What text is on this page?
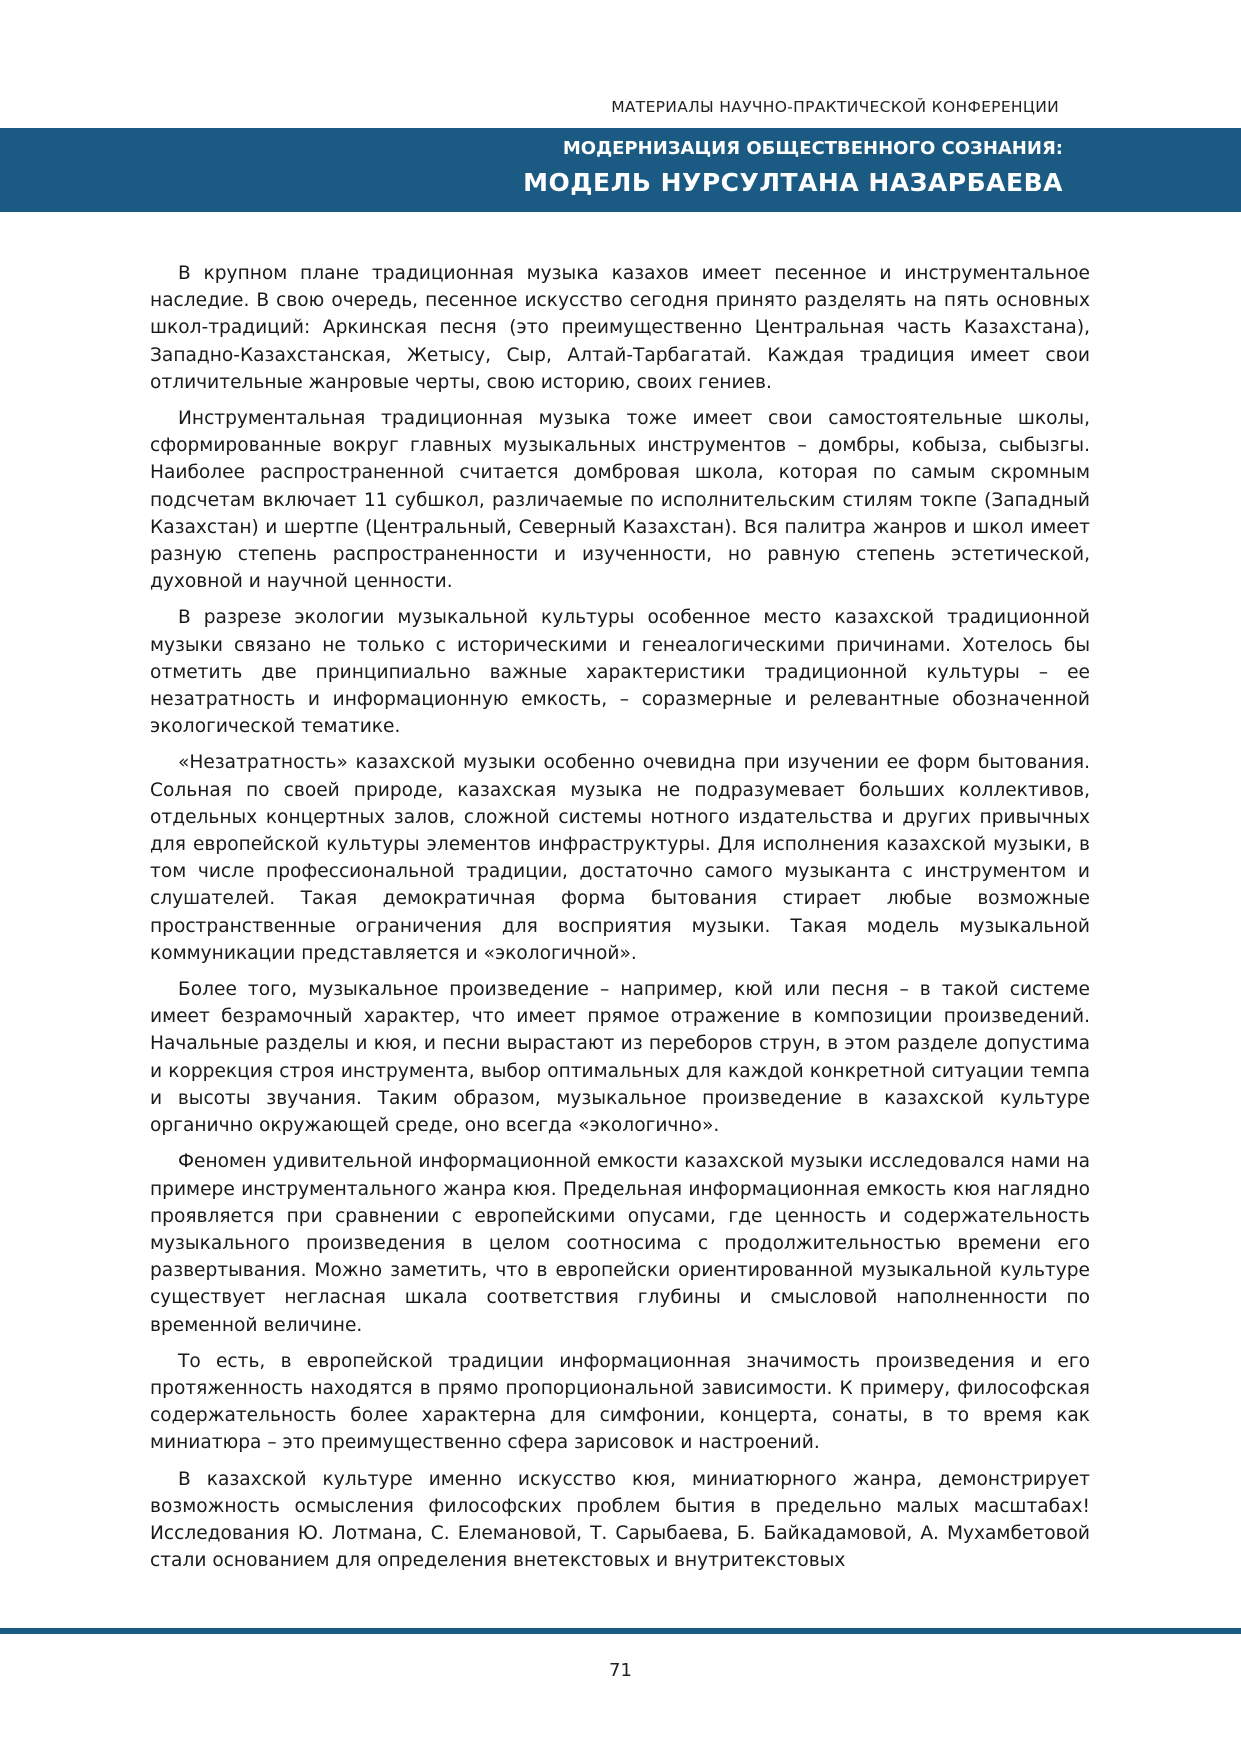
МАТЕРИАЛЫ НАУЧНО-ПРАКТИЧЕСКОЙ КОНФЕРЕНЦИИ
МОДЕРНИЗАЦИЯ ОБЩЕСТВЕННОГО СОЗНАНИЯ:
МОДЕЛЬ НУРСУЛТАНА НАЗАРБАЕВА

В крупном плане традиционная музыка казахов имеет песенное и инструментальное наследие. В свою очередь, песенное искусство сегодня принято разделять на пять основных школ-традиций: Аркинская песня (это преимущественно Центральная часть Казахстана), Западно-Казахстанская, Жетысу, Сыр, Алтай-Тарбагатай. Каждая традиция имеет свои отличительные жанровые черты, свою историю, своих гениев.

Инструментальная традиционная музыка тоже имеет свои самостоятельные школы, сформированные вокруг главных музыкальных инструментов – домбры, кобыза, сыбызгы. Наиболее распространенной считается домбровая школа, которая по самым скромным подсчетам включает 11 субшкол, различаемые по исполнительским стилям токпе (Западный Казахстан) и шертпе (Центральный, Северный Казахстан). Вся палитра жанров и школ имеет разную степень распространенности и изученности, но равную степень эстетической, духовной и научной ценности.

В разрезе экологии музыкальной культуры особенное место казахской традиционной музыки связано не только с историческими и генеалогическими причинами. Хотелось бы отметить две принципиально важные характеристики традиционной культуры – ее незатратность и информационную емкость, – соразмерные и релевантные обозначенной экологической тематике.

«Незатратность» казахской музыки особенно очевидна при изучении ее форм бытования. Сольная по своей природе, казахская музыка не подразумевает больших коллективов, отдельных концертных залов, сложной системы нотного издательства и других привычных для европейской культуры элементов инфраструктуры. Для исполнения казахской музыки, в том числе профессиональной традиции, достаточно самого музыканта с инструментом и слушателей. Такая демократичная форма бытования стирает любые возможные пространственные ограничения для восприятия музыки. Такая модель музыкальной коммуникации представляется и «экологичной».

Более того, музыкальное произведение – например, кюй или песня – в такой системе имеет безрамочный характер, что имеет прямое отражение в композиции произведений. Начальные разделы и кюя, и песни вырастают из переборов струн, в этом разделе допустима и коррекция строя инструмента, выбор оптимальных для каждой конкретной ситуации темпа и высоты звучания. Таким образом, музыкальное произведение в казахской культуре органично окружающей среде, оно всегда «экологично».

Феномен удивительной информационной емкости казахской музыки исследовался нами на примере инструментального жанра кюя. Предельная информационная емкость кюя наглядно проявляется при сравнении с европейскими опусами, где ценность и содержательность музыкального произведения в целом соотносима с продолжительностью времени его развертывания. Можно заметить, что в европейски ориентированной музыкальной культуре существует негласная шкала соответствия глубины и смысловой наполненности по временной величине.

То есть, в европейской традиции информационная значимость произведения и его протяженность находятся в прямо пропорциональной зависимости. К примеру, философская содержательность более характерна для симфонии, концерта, сонаты, в то время как миниатюра – это преимущественно сфера зарисовок и настроений.

В казахской культуре именно искусство кюя, миниатюрного жанра, демонстрирует возможность осмысления философских проблем бытия в предельно малых масштабах! Исследования Ю. Лотмана, С. Елемановой, Т. Сарыбаева, Б. Байкадамовой, А. Мухамбетовой стали основанием для определения внетекстовых и внутритекстовых

71
